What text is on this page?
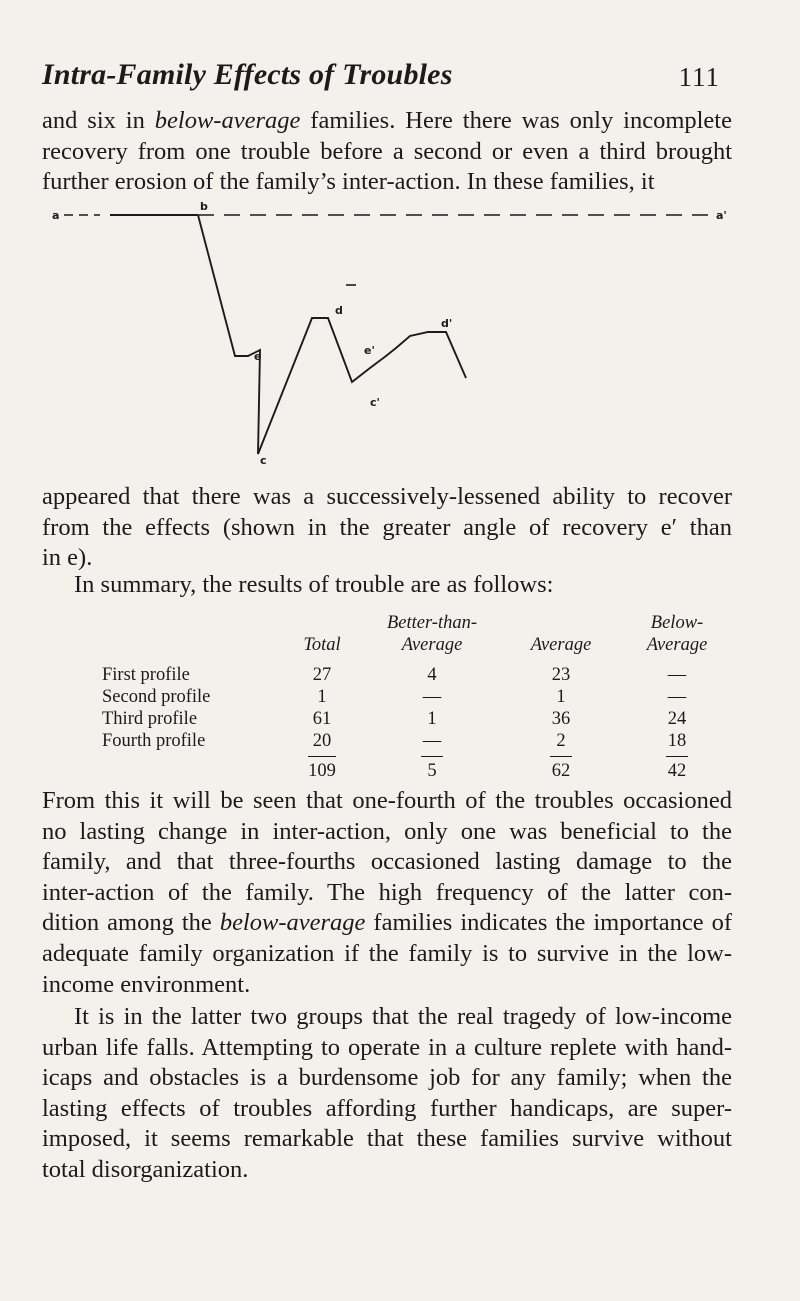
Intra-Family Effects of Troubles	111

and six in below-average families. Here there was only incomplete
recovery from one trouble before a second or even a third brought
further erosion of the family’s inter-action. In these families, it

a
b
a'
e
d
e'
d'
c'
c

appeared that there was a successively-lessened ability to recover
from the effects (shown in the greater angle of recovery e′ than
in e).

In summary, the results of trouble are as follows:

		Better-than-		Below-
	Total	Average	Average	Average

First profile	27	4	23	—
Second profile	1	—	1	—
Third profile	61	1	36	24
Fourth profile	20	—	2	18
	109	5	62	42

From this it will be seen that one-fourth of the troubles occasioned
no lasting change in inter-action, only one was beneficial to the
family, and that three-fourths occasioned lasting damage to the
inter-action of the family. The high frequency of the latter con-
dition among the below-average families indicates the importance of
adequate family organization if the family is to survive in the low-
income environment.

It is in the latter two groups that the real tragedy of low-income
urban life falls. Attempting to operate in a culture replete with hand-
icaps and obstacles is a burdensome job for any family; when the
lasting effects of troubles affording further handicaps, are super-
imposed, it seems remarkable that these families survive without
total disorganization.
